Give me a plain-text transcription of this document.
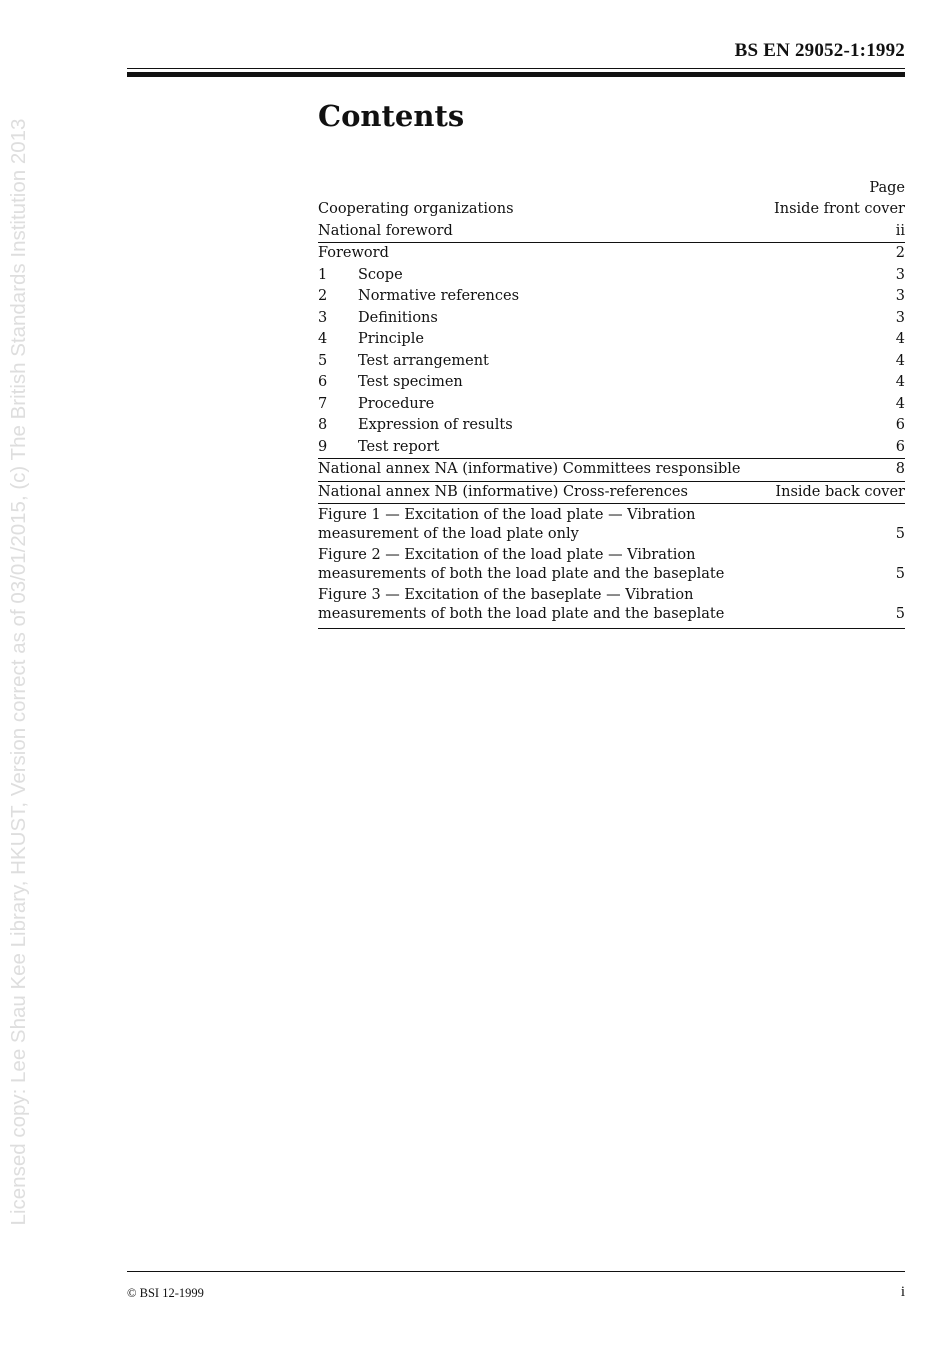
BS EN 29052-1:1992
Contents
Page
Cooperating organizations	Inside front cover
National foreword	ii
Foreword	2
1	Scope	3
2	Normative references	3
3	Definitions	3
4	Principle	4
5	Test arrangement	4
6	Test specimen	4
7	Procedure	4
8	Expression of results	6
9	Test report	6
National annex NA (informative) Committees responsible	8
National annex NB (informative) Cross-references	Inside back cover
Figure 1 — Excitation of the load plate — Vibration measurement of the load plate only	5
Figure 2 — Excitation of the load plate — Vibration measurements of both the load plate and the baseplate	5
Figure 3 — Excitation of the baseplate — Vibration measurements of both the load plate and the baseplate	5
© BSI 12-1999	i
Licensed copy: Lee Shau Kee Library, HKUST, Version correct as of 03/01/2015, (c) The British Standards Institution 2013
